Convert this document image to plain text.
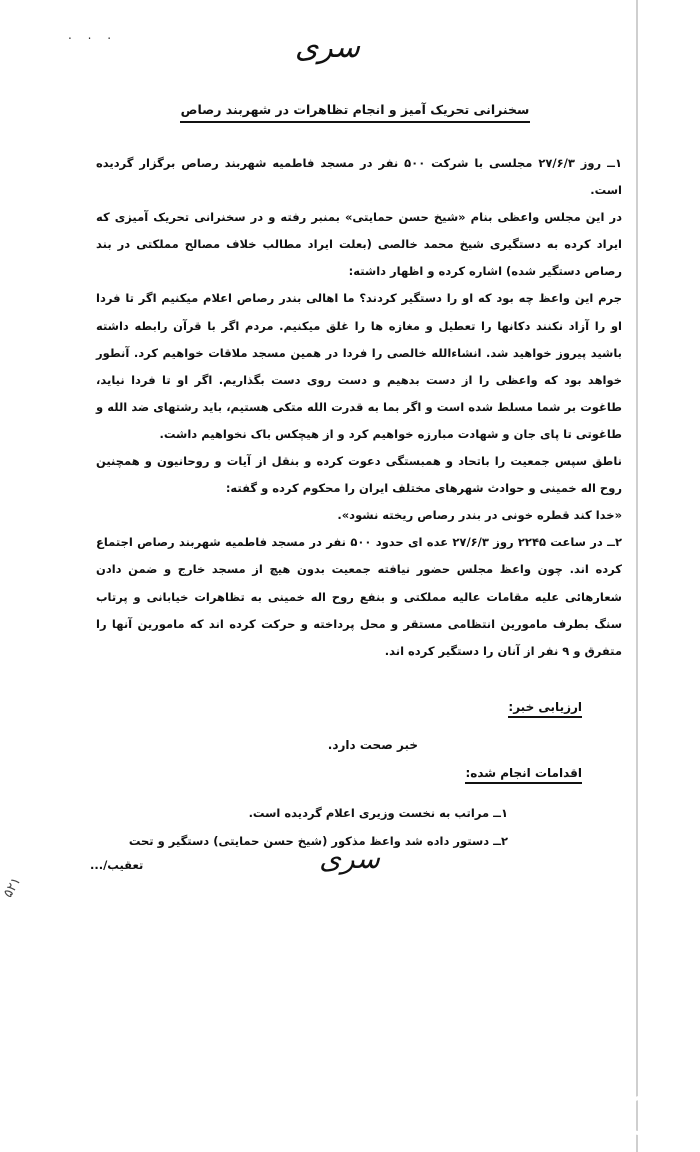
. . .	سری
سخنرانی تحریک آمیز و انجام تظاهرات در شهربند رصاص

۱ــ روز ۲۷/۶/۳ مجلسی با شرکت ۵۰۰ نفر در مسجد فاطمیه شهربند رصاص برگزار گردیده است.

در این مجلس واعظی بنام «شیخ حسن حمایتی» بمنبر رفته و در سخنرانی تحریک آمیزی که ایراد کرده به دستگیری شیخ محمد خالصی (بعلت ایراد مطالب خلاف مصالح مملکتی در بند رصاص دستگیر شده) اشاره کرده و اظهار داشته:

جرم این واعظ چه بود که او را دستگیر کردند؟ ما اهالی بندر رصاص اعلام میکنیم اگر تا فردا او را آزاد نکنند دکانها را تعطیل و مغازه ها را غلق میکنیم. مردم اگر با قرآن رابطه داشته باشید پیروز خواهید شد. انشاءالله خالصی را فردا در همین مسجد ملاقات خواهیم کرد. آنطور خواهد بود که واعظی را از دست بدهیم و دست روی دست بگذاریم. اگر او تا فردا نیاید، طاغوت بر شما مسلط شده است و اگر بما به قدرت الله متکی هستیم، باید رشتهای ضد الله و طاغوتی تا پای جان و شهادت مبارزه خواهیم کرد و از هیچکس باک نخواهیم داشت.

ناطق سپس جمعیت را باتحاد و همبستگی دعوت کرده و بنقل از آیات و روحانیون و همچنین روح اله خمینی و حوادث شهرهای مختلف ایران را محکوم کرده و گفته:

«خدا کند قطره خونی در بندر رصاص ریخته نشود».

۲ــ در ساعت ۲۲۴۵ روز ۲۷/۶/۳ عده ای حدود ۵۰۰ نفر در مسجد فاطمیه شهربند رصاص اجتماع کرده اند. چون واعظ مجلس حضور نیافته جمعیت بدون هیچ از مسجد خارج و ضمن دادن شعارهائی علیه مقامات عالیه مملکتی و بنفع روح اله خمینی به تظاهرات خیابانی و پرتاب سنگ بطرف مامورین انتظامی مستقر و محل پرداخته و حرکت کرده اند که مامورین آنها را متفرق و ۹ نفر از آنان را دستگیر کرده اند.

ارزیابی خبر:
خبر صحت دارد.
اقدامات انجام شده:
۱ــ مراتب به نخست وزیری اعلام گردیده است.
۲ــ دستور داده شد واعظ مذکور (شیخ حسن حمایتی) دستگیر و تحت
سری
تعقیب/...
۵۲۱
مرکز بررسی اسناد تاریخی
historydocuments.ir
